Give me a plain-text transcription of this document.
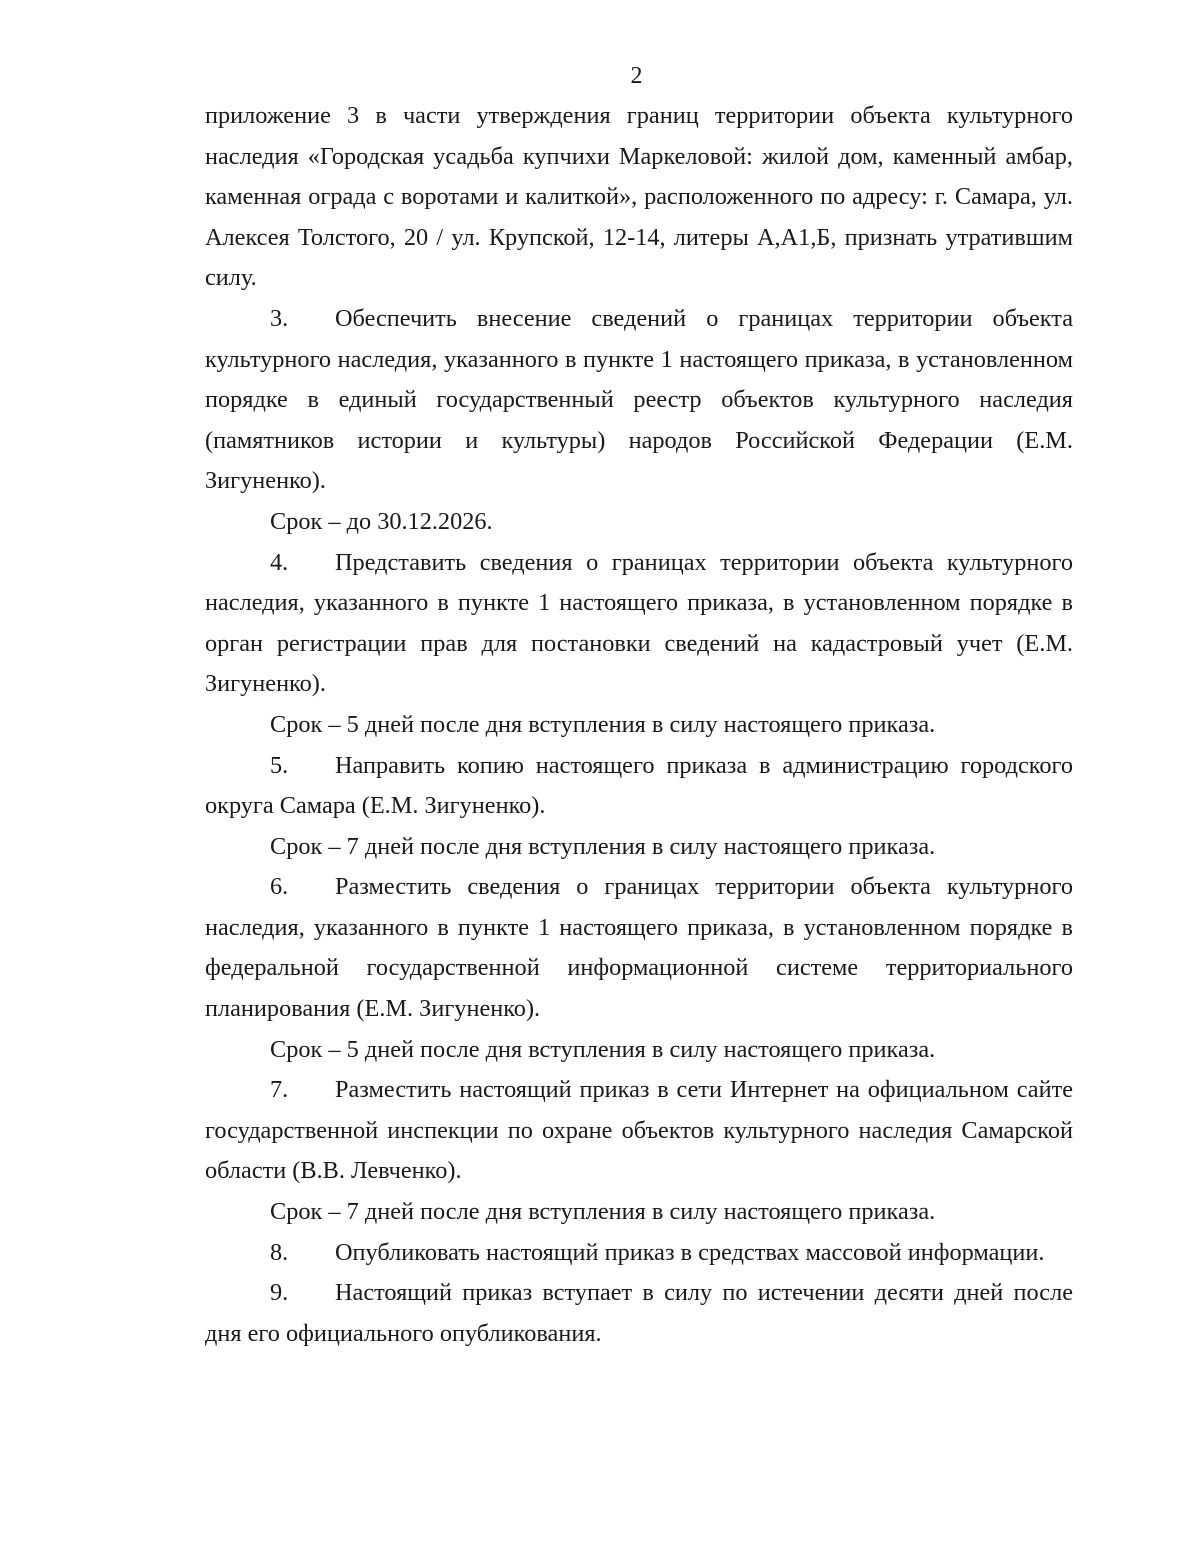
2

приложение 3 в части утверждения границ территории объекта культурного наследия «Городская усадьба купчихи Маркеловой: жилой дом, каменный амбар, каменная ограда с воротами и калиткой», расположенного по адресу: г. Самара, ул. Алексея Толстого, 20 / ул. Крупской, 12-14, литеры А,А1,Б, признать утратившим силу.

3. Обеспечить внесение сведений о границах территории объекта культурного наследия, указанного в пункте 1 настоящего приказа, в установленном порядке в единый государственный реестр объектов культурного наследия (памятников истории и культуры) народов Российской Федерации (Е.М. Зигуненко).

Срок – до 30.12.2026.

4. Представить сведения о границах территории объекта культурного наследия, указанного в пункте 1 настоящего приказа, в установленном порядке в орган регистрации прав для постановки сведений на кадастровый учет (Е.М. Зигуненко).

Срок – 5 дней после дня вступления в силу настоящего приказа.

5. Направить копию настоящего приказа в администрацию городского округа Самара (Е.М. Зигуненко).

Срок – 7 дней после дня вступления в силу настоящего приказа.

6. Разместить сведения о границах территории объекта культурного наследия, указанного в пункте 1 настоящего приказа, в установленном порядке в федеральной государственной информационной системе территориального планирования (Е.М. Зигуненко).

Срок – 5 дней после дня вступления в силу настоящего приказа.

7. Разместить настоящий приказ в сети Интернет на официальном сайте государственной инспекции по охране объектов культурного наследия Самарской области (В.В. Левченко).

Срок – 7 дней после дня вступления в силу настоящего приказа.

8. Опубликовать настоящий приказ в средствах массовой информации.

9. Настоящий приказ вступает в силу по истечении десяти дней после дня его официального опубликования.
